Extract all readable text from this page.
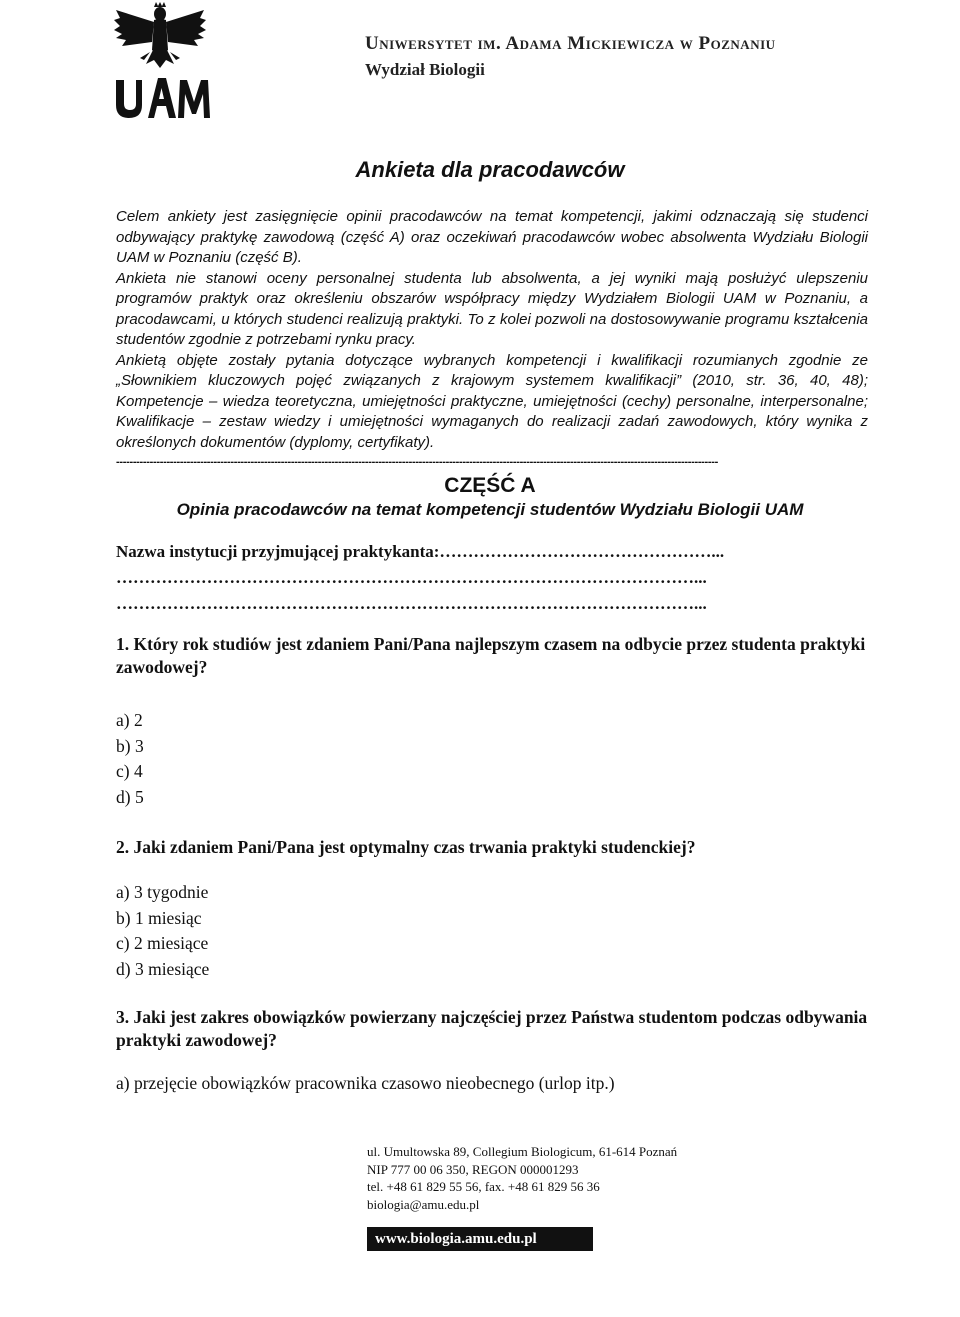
Uniwersytet im. Adama Mickiewicza w Poznaniu
Wydział Biologii
Ankieta dla pracodawców

Celem ankiety jest zasięgnięcie opinii pracodawców na temat kompetencji, jakimi odznaczają się studenci odbywający praktykę zawodową (część A) oraz oczekiwań pracodawców wobec absolwenta Wydziału Biologii UAM w Poznaniu (część B).

Ankieta nie stanowi oceny personalnej studenta lub absolwenta, a jej wyniki mają posłużyć ulepszeniu programów praktyk oraz określeniu obszarów współpracy między Wydziałem Biologii UAM w Poznaniu, a pracodawcami, u których studenci realizują praktyki. To z kolei pozwoli na dostosowywanie programu kształcenia studentów zgodnie z potrzebami rynku pracy.

Ankietą objęte zostały pytania dotyczące wybranych kompetencji i kwalifikacji rozumianych zgodnie ze „Słownikiem kluczowych pojęć związanych z krajowym systemem kwalifikacji” (2010, str. 36, 40, 48); Kompetencje – wiedza teoretyczna, umiejętności praktyczne, umiejętności (cechy) personalne, interpersonalne; Kwalifikacje – zestaw wiedzy i umiejętności wymaganych do realizacji zadań zawodowych, który wynika z określonych dokumentów (dyplomy, certyfikaty).

-----------------------------------------------------------------------------------------------------------------------------------------------------------------------------------
CZĘŚĆ A
Opinia pracodawców na temat kompetencji studentów Wydziału Biologii UAM
Nazwa instytucji przyjmującej praktykanta:…………………………………………...
…………………………………………………………………………………………...
…………………………………………………………………………………………...
1. Który rok studiów jest zdaniem Pani/Pana najlepszym czasem na odbycie przez studenta praktyki zawodowej?
a) 2
b) 3
c) 4
d) 5
2. Jaki zdaniem Pani/Pana jest optymalny czas trwania praktyki studenckiej?
a) 3 tygodnie
b) 1 miesiąc
c) 2 miesiące
d) 3 miesiące
3. Jaki jest zakres obowiązków powierzany najczęściej przez Państwa studentom podczas odbywania praktyki zawodowej?
a) przejęcie obowiązków pracownika czasowo nieobecnego (urlop itp.)
ul. Umultowska 89, Collegium Biologicum, 61-614 Poznań
NIP 777 00 06 350, REGON 000001293
tel. +48 61 829 55 56, fax. +48 61 829 56 36
biologia@amu.edu.pl
www.biologia.amu.edu.pl
